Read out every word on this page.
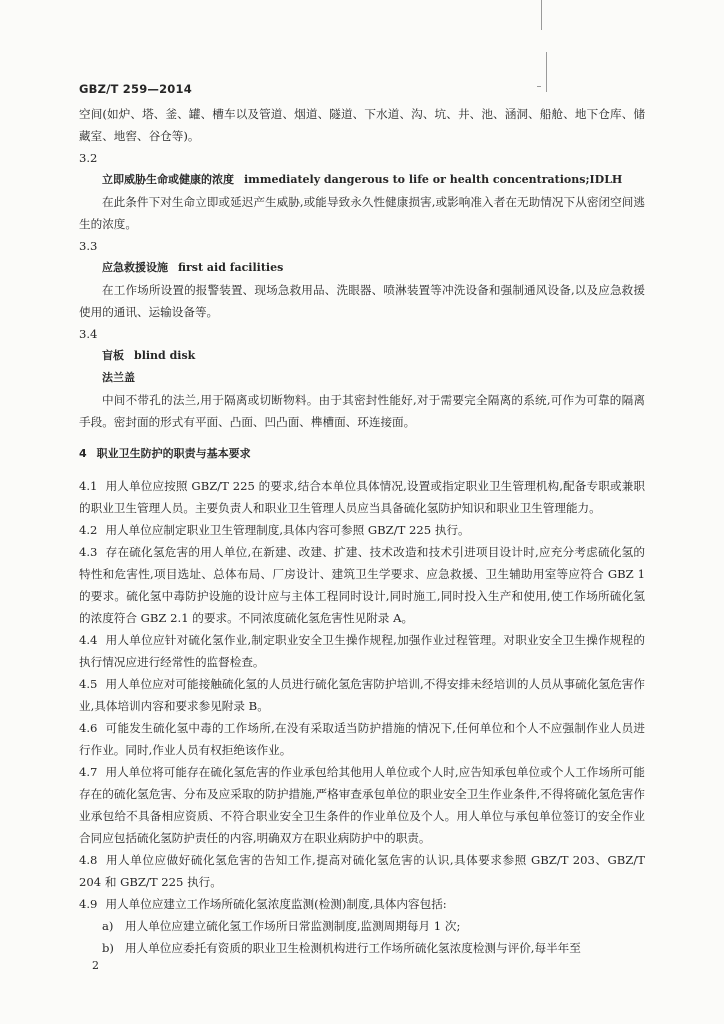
GBZ/T 259—2014

空间(如炉、塔、釜、罐、槽车以及管道、烟道、隧道、下水道、沟、坑、井、池、涵洞、船舱、地下仓库、储藏室、地窖、谷仓等)。

3.2

立即威胁生命或健康的浓度 immediately dangerous to life or health concentrations;IDLH

在此条件下对生命立即或延迟产生威胁,或能导致永久性健康损害,或影响准入者在无助情况下从密闭空间逃生的浓度。

3.3

应急救援设施 first aid facilities

在工作场所设置的报警装置、现场急救用品、洗眼器、喷淋装置等冲洗设备和强制通风设备,以及应急救援使用的通讯、运输设备等。

3.4

盲板 blind disk

法兰盖

中间不带孔的法兰,用于隔离或切断物料。由于其密封性能好,对于需要完全隔离的系统,可作为可靠的隔离手段。密封面的形式有平面、凸面、凹凸面、榫槽面、环连接面。

4 职业卫生防护的职责与基本要求

4.1 用人单位应按照 GBZ/T 225 的要求,结合本单位具体情况,设置或指定职业卫生管理机构,配备专职或兼职的职业卫生管理人员。主要负责人和职业卫生管理人员应当具备硫化氢防护知识和职业卫生管理能力。

4.2 用人单位应制定职业卫生管理制度,具体内容可参照 GBZ/T 225 执行。

4.3 存在硫化氢危害的用人单位,在新建、改建、扩建、技术改造和技术引进项目设计时,应充分考虑硫化氢的特性和危害性,项目选址、总体布局、厂房设计、建筑卫生学要求、应急救援、卫生辅助用室等应符合 GBZ 1 的要求。硫化氢中毒防护设施的设计应与主体工程同时设计,同时施工,同时投入生产和使用,使工作场所硫化氢的浓度符合 GBZ 2.1 的要求。不同浓度硫化氢危害性见附录 A。

4.4 用人单位应针对硫化氢作业,制定职业安全卫生操作规程,加强作业过程管理。对职业安全卫生操作规程的执行情况应进行经常性的监督检查。

4.5 用人单位应对可能接触硫化氢的人员进行硫化氢危害防护培训,不得安排未经培训的人员从事硫化氢危害作业,具体培训内容和要求参见附录 B。

4.6 可能发生硫化氢中毒的工作场所,在没有采取适当防护措施的情况下,任何单位和个人不应强制作业人员进行作业。同时,作业人员有权拒绝该作业。

4.7 用人单位将可能存在硫化氢危害的作业承包给其他用人单位或个人时,应告知承包单位或个人工作场所可能存在的硫化氢危害、分布及应采取的防护措施,严格审查承包单位的职业安全卫生作业条件,不得将硫化氢危害作业承包给不具备相应资质、不符合职业安全卫生条件的作业单位及个人。用人单位与承包单位签订的安全作业合同应包括硫化氢防护责任的内容,明确双方在职业病防护中的职责。

4.8 用人单位应做好硫化氢危害的告知工作,提高对硫化氢危害的认识,具体要求参照 GBZ/T 203、GBZ/T 204 和 GBZ/T 225 执行。

4.9 用人单位应建立工作场所硫化氢浓度监测(检测)制度,具体内容包括:

a) 用人单位应建立硫化氢工作场所日常监测制度,监测周期每月 1 次;

b) 用人单位应委托有资质的职业卫生检测机构进行工作场所硫化氢浓度检测与评价,每半年至

2
